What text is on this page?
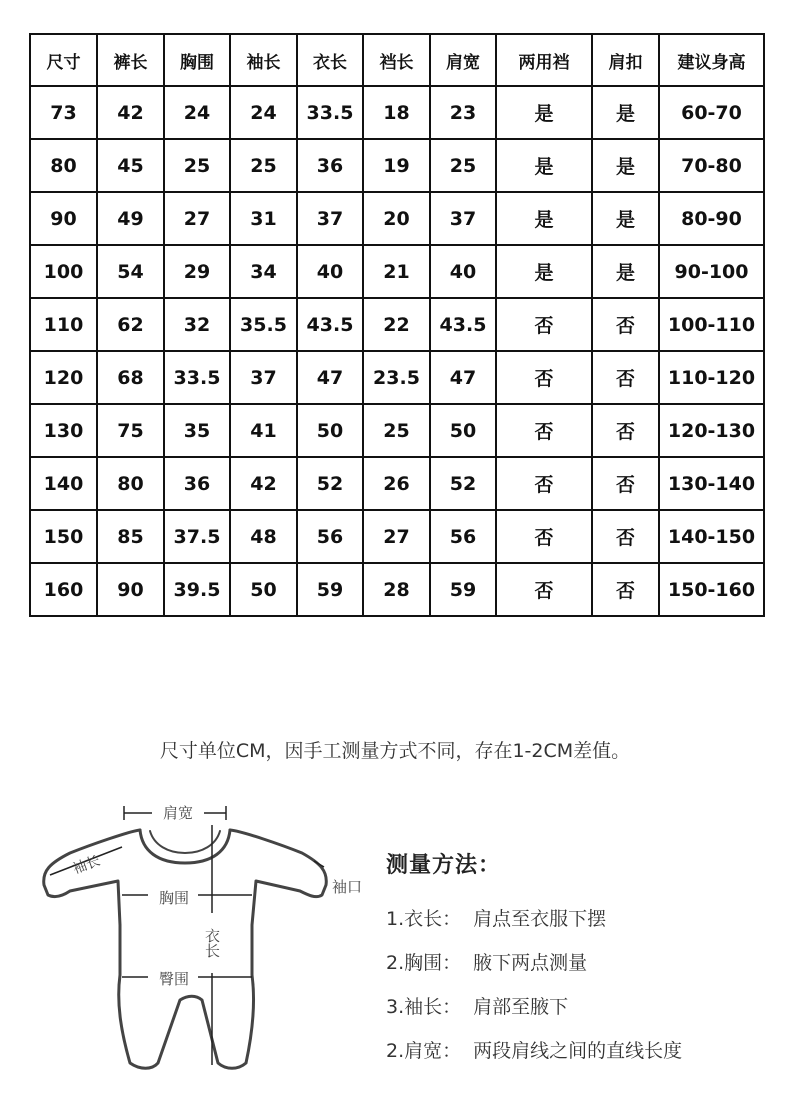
尺寸	裤长	胸围	袖长	衣长	裆长	肩宽	两用裆	肩扣	建议身高
73	42	24	24	33.5	18	23	是	是	60-70
80	45	25	25	36	19	25	是	是	70-80
90	49	27	31	37	20	37	是	是	80-90
100	54	29	34	40	21	40	是	是	90-100
110	62	32	35.5	43.5	22	43.5	否	否	100-110
120	68	33.5	37	47	23.5	47	否	否	110-120
130	75	35	41	50	25	50	否	否	120-130
140	80	36	42	52	26	52	否	否	130-140
150	85	37.5	48	56	27	56	否	否	140-150
160	90	39.5	50	59	28	59	否	否	150-160
尺寸单位CM，因手工测量方式不同，存在1-2CM差值。
肩宽
袖长
胸围
衣长
袖口
臀围
测量方法：
1.衣长： 肩点至衣服下摆
2.胸围： 腋下两点测量
3.袖长： 肩部至腋下
2.肩宽： 两段肩线之间的直线长度
